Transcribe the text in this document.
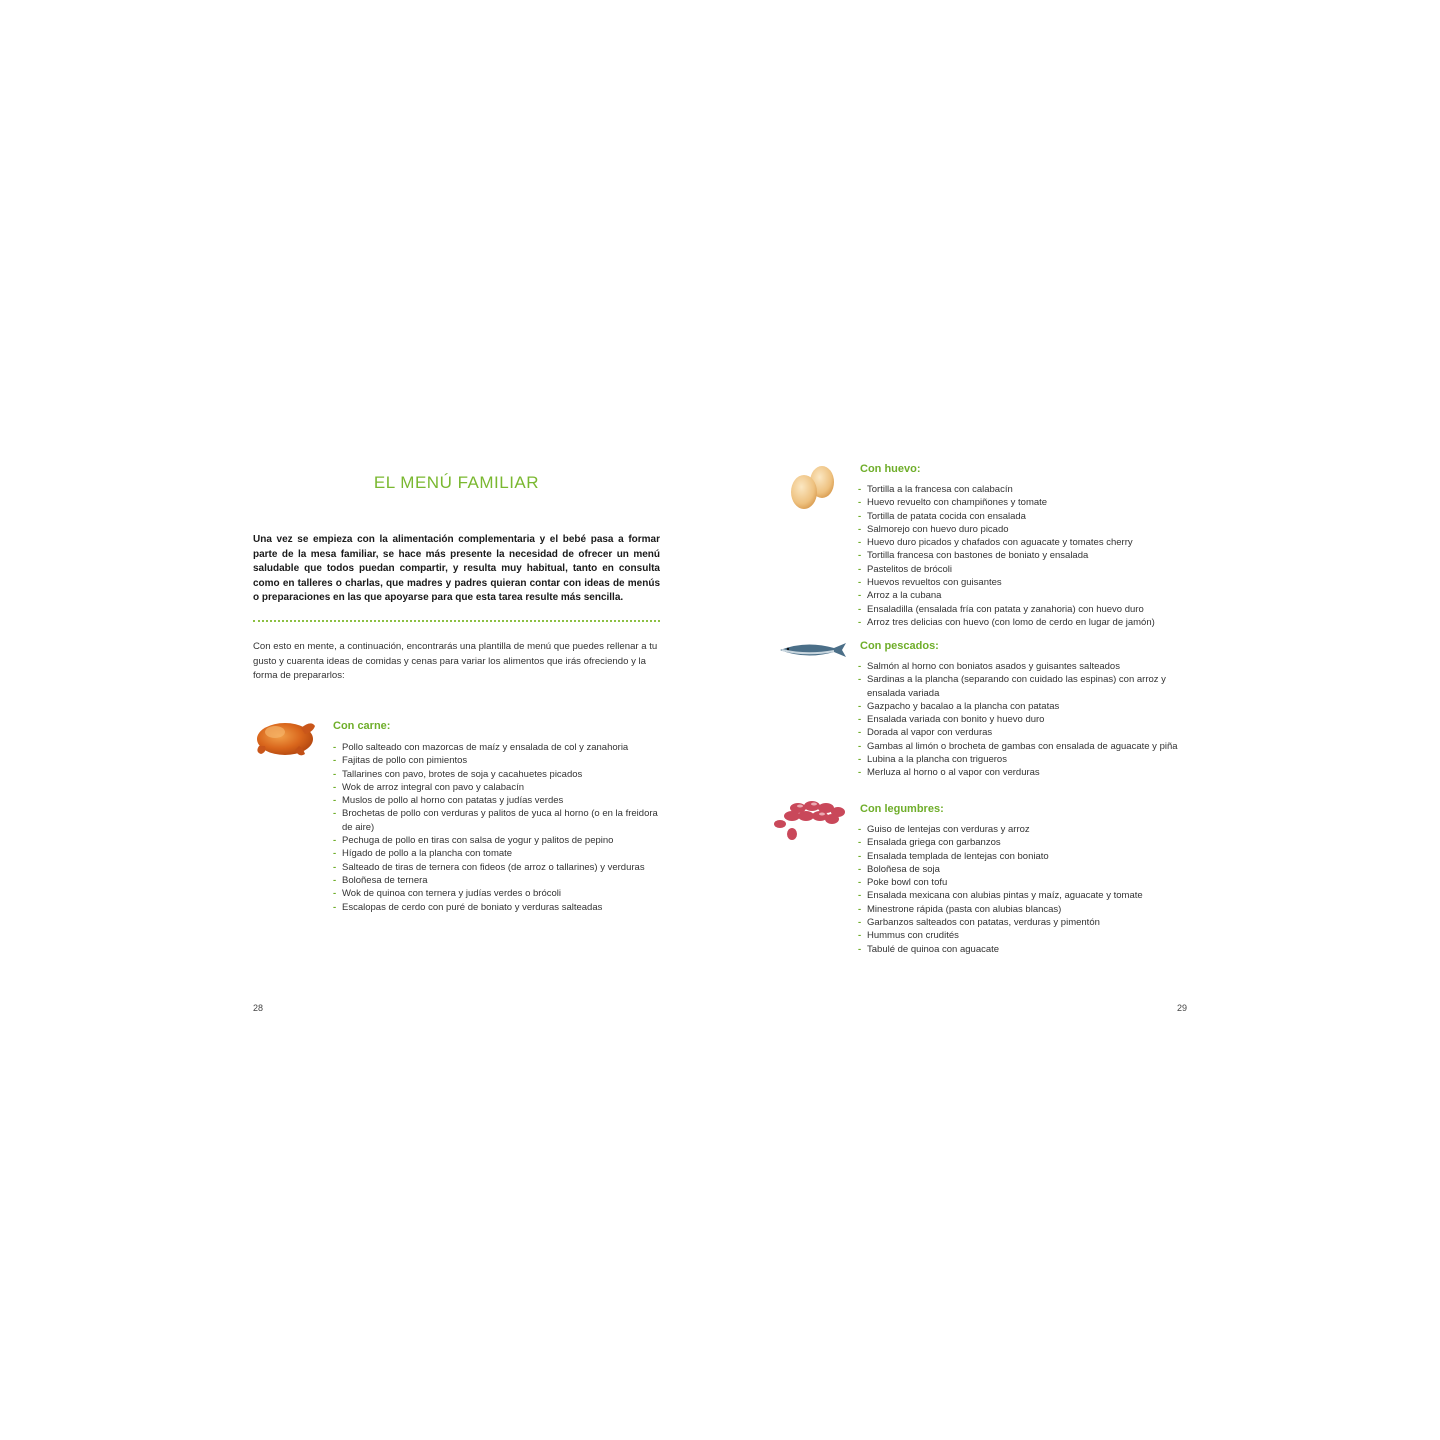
EL MENÚ FAMILIAR

Una vez se empieza con la alimentación complementaria y el bebé pasa a formar parte de la mesa familiar, se hace más presente la necesidad de ofrecer un menú saludable que todos puedan compartir, y resulta muy habitual, tanto en consulta como en talleres o charlas, que madres y padres quieran contar con ideas de menús o preparaciones en las que apoyarse para que esta tarea resulte más sencilla.

Con esto en mente, a continuación, encontrarás una plantilla de menú que puedes rellenar a tu gusto y cuarenta ideas de comidas y cenas para variar los alimentos que irás ofreciendo y la forma de prepararlos:

Con carne:
- Pollo salteado con mazorcas de maíz y ensalada de col y zanahoria
- Fajitas de pollo con pimientos
- Tallarines con pavo, brotes de soja y cacahuetes picados
- Wok de arroz integral con pavo y calabacín
- Muslos de pollo al horno con patatas y judías verdes
- Brochetas de pollo con verduras y palitos de yuca al horno (o en la freidora de aire)
- Pechuga de pollo en tiras con salsa de yogur y palitos de pepino
- Hígado de pollo a la plancha con tomate
- Salteado de tiras de ternera con fideos (de arroz o tallarines) y verduras
- Boloñesa de ternera
- Wok de quinoa con ternera y judías verdes o brócoli
- Escalopas de cerdo con puré de boniato y verduras salteadas
28
Con huevo:
- Tortilla a la francesa con calabacín
- Huevo revuelto con champiñones y tomate
- Tortilla de patata cocida con ensalada
- Salmorejo con huevo duro picado
- Huevo duro picados y chafados con aguacate y tomates cherry
- Tortilla francesa con bastones de boniato y ensalada
- Pastelitos de brócoli
- Huevos revueltos con guisantes
- Arroz a la cubana
- Ensaladilla (ensalada fría con patata y zanahoria) con huevo duro
- Arroz tres delicias con huevo (con lomo de cerdo en lugar de jamón)
Con pescados:
- Salmón al horno con boniatos asados y guisantes salteados
- Sardinas a la plancha (separando con cuidado las espinas) con arroz y ensalada variada
- Gazpacho y bacalao a la plancha con patatas
- Ensalada variada con bonito y huevo duro
- Dorada al vapor con verduras
- Gambas al limón o brocheta de gambas con ensalada de aguacate y piña
- Lubina a la plancha con trigueros
- Merluza al horno o al vapor con verduras
Con legumbres:
- Guiso de lentejas con verduras y arroz
- Ensalada griega con garbanzos
- Ensalada templada de lentejas con boniato
- Boloñesa de soja
- Poke bowl con tofu
- Ensalada mexicana con alubias pintas y maíz, aguacate y tomate
- Minestrone rápida (pasta con alubias blancas)
- Garbanzos salteados con patatas, verduras y pimentón
- Hummus con crudités
- Tabulé de quinoa con aguacate
29
